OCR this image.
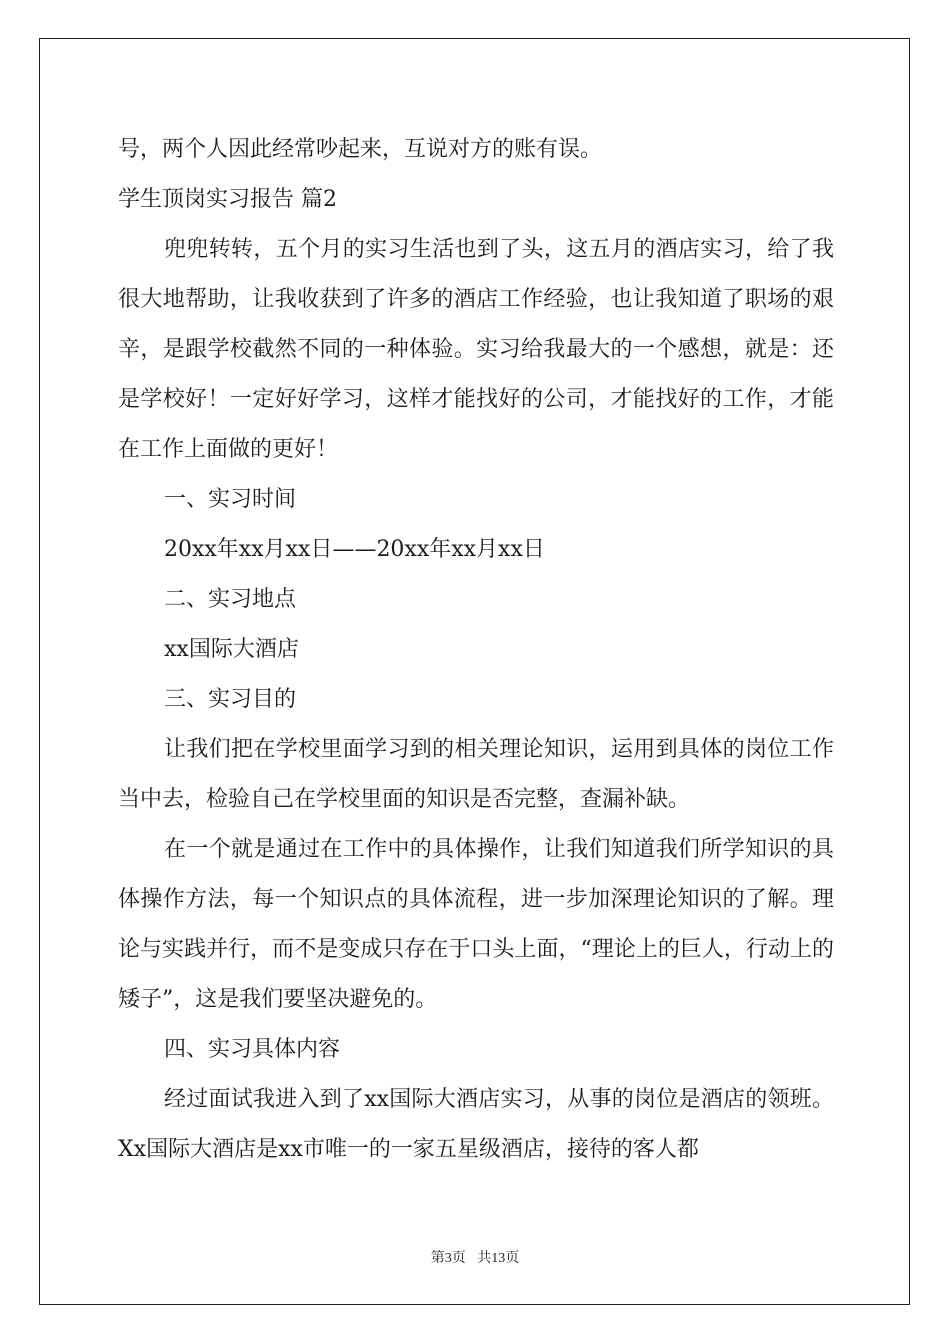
号，两个人因此经常吵起来，互说对方的账有误。

学生顶岗实习报告 篇2

兜兜转转，五个月的实习生活也到了头，这五月的酒店实习，给了我很大地帮助，让我收获到了许多的酒店工作经验，也让我知道了职场的艰辛，是跟学校截然不同的一种体验。实习给我最大的一个感想，就是：还是学校好！一定好好学习，这样才能找好的公司，才能找好的工作，才能在工作上面做的更好！

一、实习时间

20xx年xx月xx日——20xx年xx月xx日

二、实习地点

xx国际大酒店

三、实习目的

让我们把在学校里面学习到的相关理论知识，运用到具体的岗位工作当中去，检验自己在学校里面的知识是否完整，查漏补缺。

在一个就是通过在工作中的具体操作，让我们知道我们所学知识的具体操作方法，每一个知识点的具体流程，进一步加深理论知识的了解。理论与实践并行，而不是变成只存在于口头上面，“理论上的巨人，行动上的矮子”，这是我们要坚决避免的。

四、实习具体内容

经过面试我进入到了xx国际大酒店实习，从事的岗位是酒店的领班。Xx国际大酒店是xx市唯一的一家五星级酒店，接待的客人都

第3页 共13页
